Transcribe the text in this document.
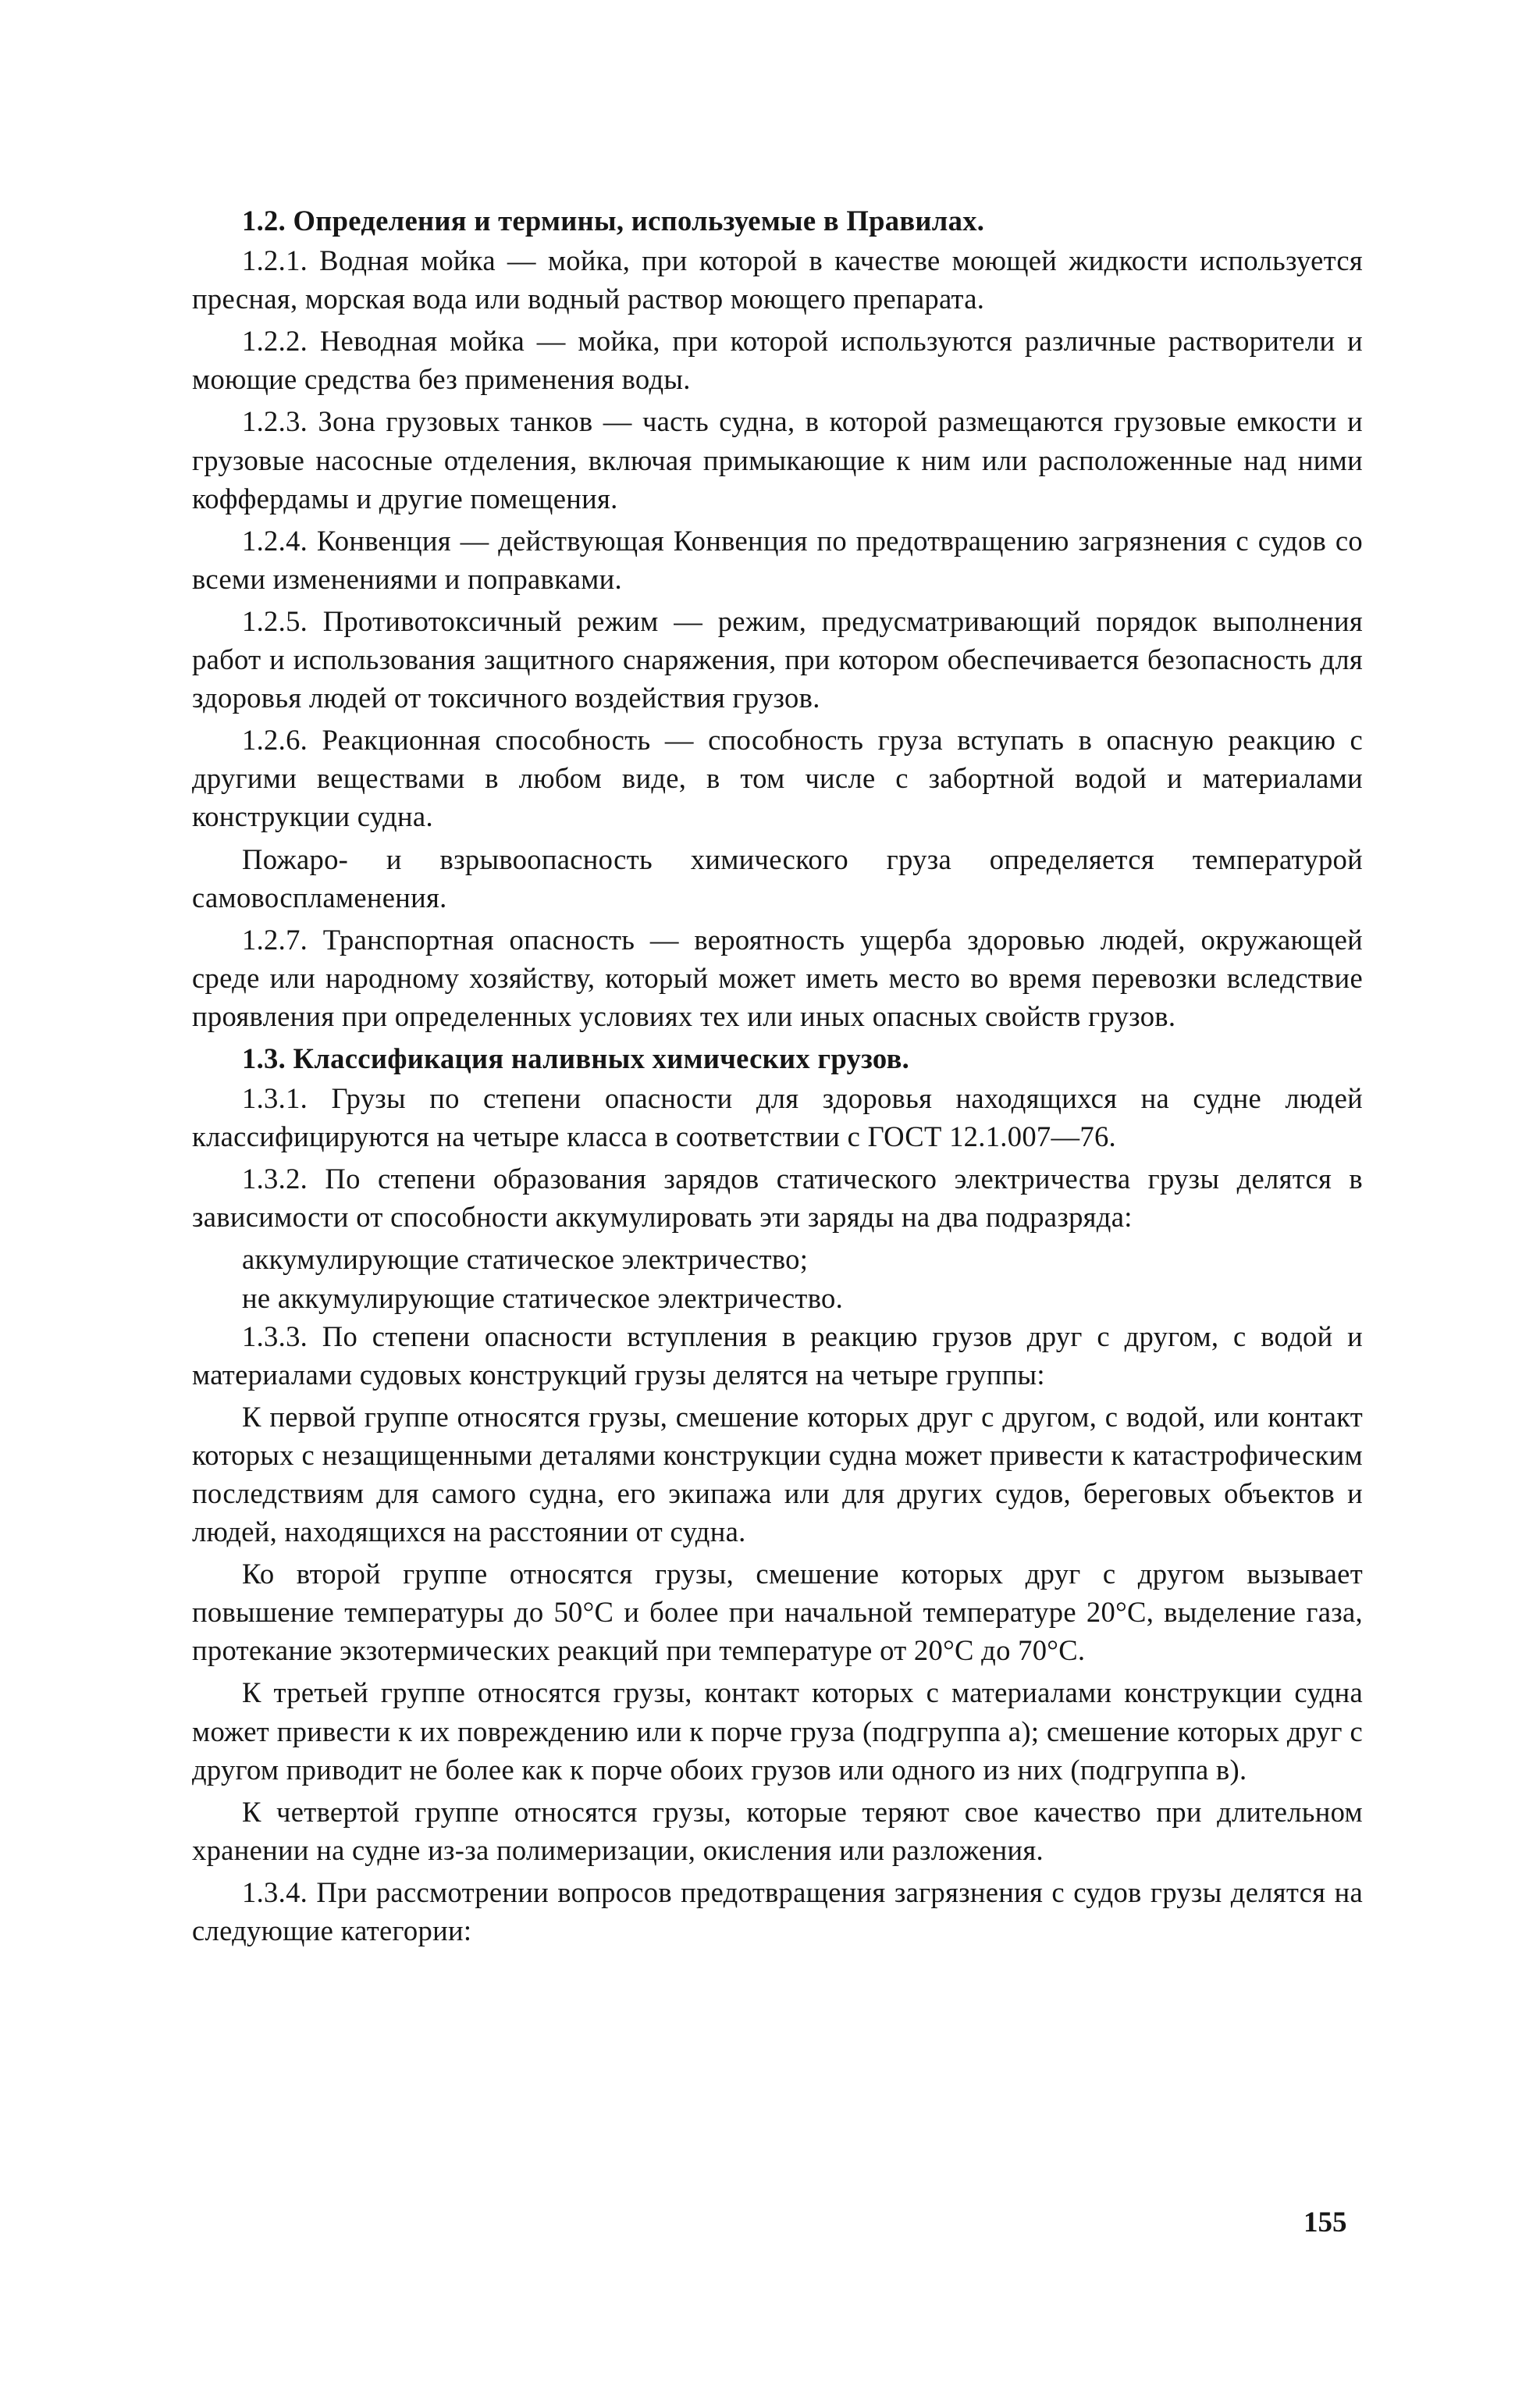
1.2. Определения и термины, используемые в Правилах.

1.2.1. Водная мойка — мойка, при которой в качестве моющей жидкости используется пресная, морская вода или водный раствор моющего препарата.

1.2.2. Неводная мойка — мойка, при которой используются различные растворители и моющие средства без применения воды.

1.2.3. Зона грузовых танков — часть судна, в которой размещаются грузовые емкости и грузовые насосные отделения, включая примыкающие к ним или расположенные над ними коффердамы и другие помещения.

1.2.4. Конвенция — действующая Конвенция по предотвращению загрязнения с судов со всеми изменениями и поправками.

1.2.5. Противотоксичный режим — режим, предусматривающий порядок выполнения работ и использования защитного снаряжения, при котором обеспечивается безопасность для здоровья людей от токсичного воздействия грузов.

1.2.6. Реакционная способность — способность груза вступать в опасную реакцию с другими веществами в любом виде, в том числе с забортной водой и материалами конструкции судна.

Пожаро- и взрывоопасность химического груза определяется температурой самовоспламенения.

1.2.7. Транспортная опасность — вероятность ущерба здоровью людей, окружающей среде или народному хозяйству, который может иметь место во время перевозки вследствие проявления при определенных условиях тех или иных опасных свойств грузов.

1.3. Классификация наливных химических грузов.

1.3.1. Грузы по степени опасности для здоровья находящихся на судне людей классифицируются на четыре класса в соответствии с ГОСТ 12.1.007—76.

1.3.2. По степени образования зарядов статического электричества грузы делятся в зависимости от способности аккумулировать эти заряды на два подразряда:

аккумулирующие статическое электричество;

не аккумулирующие статическое электричество.

1.3.3. По степени опасности вступления в реакцию грузов друг с другом, с водой и материалами судовых конструкций грузы делятся на четыре группы:

К первой группе относятся грузы, смешение которых друг с другом, с водой, или контакт которых с незащищенными деталями конструкции судна может привести к катастрофическим последствиям для самого судна, его экипажа или для других судов, береговых объектов и людей, находящихся на расстоянии от судна.

Ко второй группе относятся грузы, смешение которых друг с другом вызывает повышение температуры до 50°С и более при начальной температуре 20°С, выделение газа, протекание экзотермических реакций при температуре от 20°С до 70°С.

К третьей группе относятся грузы, контакт которых с материалами конструкции судна может привести к их повреждению или к порче груза (подгруппа а); смешение которых друг с другом приводит не более как к порче обоих грузов или одного из них (подгруппа в).

К четвертой группе относятся грузы, которые теряют свое качество при длительном хранении на судне из-за полимеризации, окисления или разложения.

1.3.4. При рассмотрении вопросов предотвращения загрязнения с судов грузы делятся на следующие категории:

155
